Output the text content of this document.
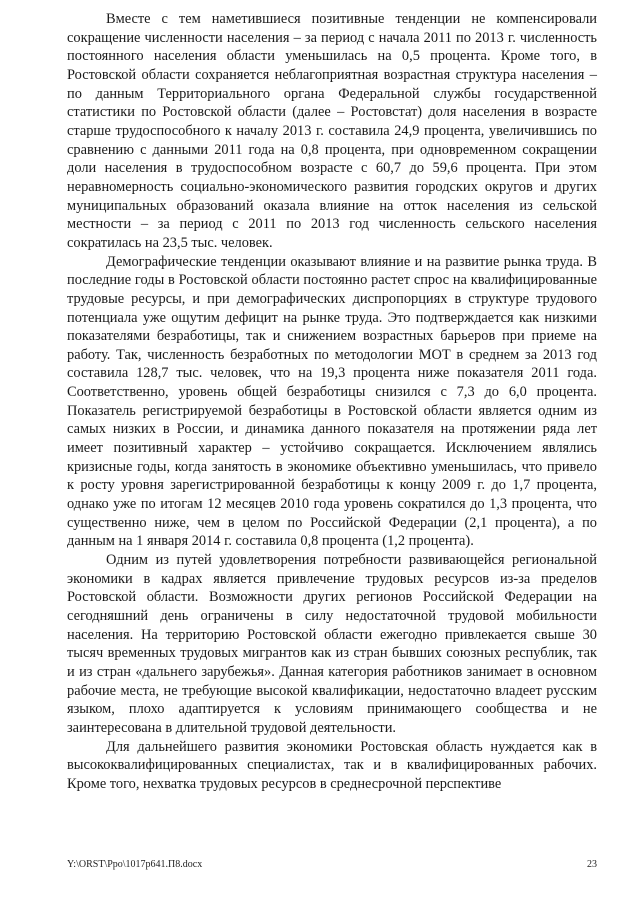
Вместе с тем наметившиеся позитивные тенденции не компенсировали сокращение численности населения – за период с начала 2011 по 2013 г. численность постоянного населения области уменьшилась на 0,5 процента. Кроме того, в Ростовской области сохраняется неблагоприятная возрастная структура населения – по данным Территориального органа Федеральной службы государственной статистики по Ростовской области (далее – Ростовстат) доля населения в возрасте старше трудоспособного к началу 2013 г. составила 24,9 процента, увеличившись по сравнению с данными 2011 года на 0,8 процента, при одновременном сокращении доли населения в трудоспособном возрасте с 60,7 до 59,6 процента. При этом неравномерность социально-экономического развития городских округов и других муниципальных образований оказала влияние на отток населения из сельской местности – за период с 2011 по 2013 год численность сельского населения сократилась на 23,5 тыс. человек.

Демографические тенденции оказывают влияние и на развитие рынка труда. В последние годы в Ростовской области постоянно растет спрос на квалифицированные трудовые ресурсы, и при демографических диспропорциях в структуре трудового потенциала уже ощутим дефицит на рынке труда. Это подтверждается как низкими показателями безработицы, так и снижением возрастных барьеров при приеме на работу. Так, численность безработных по методологии МОТ в среднем за 2013 год составила 128,7 тыс. человек, что на 19,3 процента ниже показателя 2011 года. Соответственно, уровень общей безработицы снизился с 7,3 до 6,0 процента. Показатель регистрируемой безработицы в Ростовской области является одним из самых низких в России, и динамика данного показателя на протяжении ряда лет имеет позитивный характер – устойчиво сокращается. Исключением являлись кризисные годы, когда занятость в экономике объективно уменьшилась, что привело к росту уровня зарегистрированной безработицы к концу 2009 г. до 1,7 процента, однако уже по итогам 12 месяцев 2010 года уровень сократился до 1,3 процента, что существенно ниже, чем в целом по Российской Федерации (2,1 процента), а по данным на 1 января 2014 г. составила 0,8 процента (1,2 процента).

Одним из путей удовлетворения потребности развивающейся региональной экономики в кадрах является привлечение трудовых ресурсов из-за пределов Ростовской области. Возможности других регионов Российской Федерации на сегодняшний день ограничены в силу недостаточной трудовой мобильности населения. На территорию Ростовской области ежегодно привлекается свыше 30 тысяч временных трудовых мигрантов как из стран бывших союзных республик, так и из стран «дальнего зарубежья». Данная категория работников занимает в основном рабочие места, не требующие высокой квалификации, недостаточно владеет русским языком, плохо адаптируется к условиям принимающего сообщества и не заинтересована в длительной трудовой деятельности.

Для дальнейшего развития экономики Ростовская область нуждается как в высококвалифицированных специалистах, так и в квалифицированных рабочих. Кроме того, нехватка трудовых ресурсов в среднесрочной перспективе

Y:\ORST\Ppo\1017p641.П8.docx	23
